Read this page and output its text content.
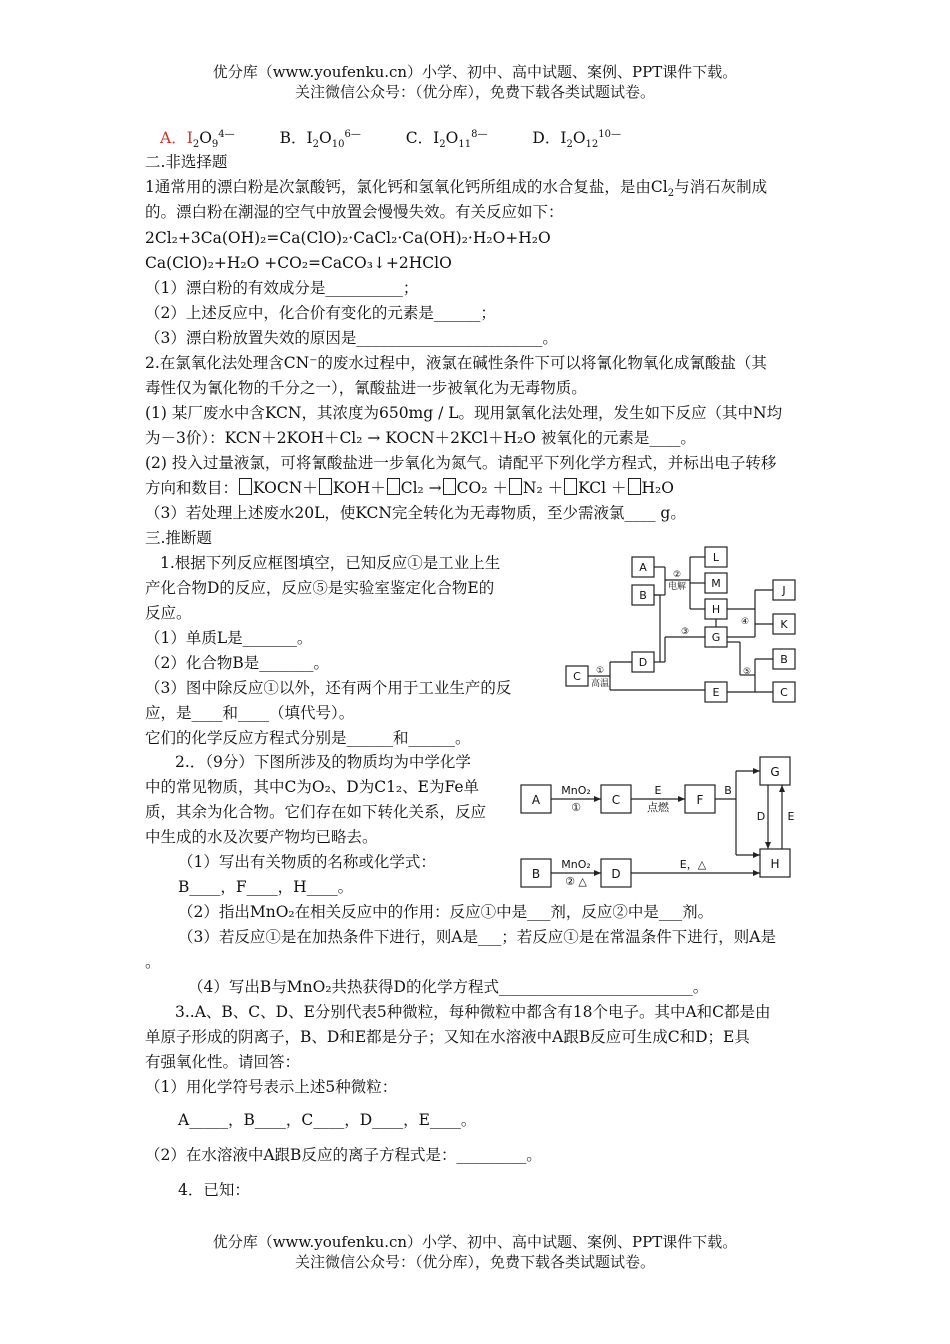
优分库（www.youfenku.cn）小学、初中、高中试题、案例、PPT课件下载。
关注微信公众号：（优分库），免费下载各类试题试卷。
A．$I_2O_9^{4—}$	B．$I_2O_{10}^{6—}$	C．$I_2O_{11}^{8—}$	D．$I_2O_{12}^{10—}$
二.非选择题
1通常用的漂白粉是次氯酸钙，氯化钙和氢氧化钙所组成的水合复盐，是由$Cl_2$与消石灰制成
的。漂白粉在潮湿的空气中放置会慢慢失效。有关反应如下：
2Cl₂+3Ca(OH)₂=Ca(ClO)₂·CaCl₂·Ca(OH)₂·H₂O+H₂O
Ca(ClO)₂+H₂O +CO₂=CaCO₃↓+2HClO
（1）漂白粉的有效成分是__________；
（2）上述反应中，化合价有变化的元素是______；
（3）漂白粉放置失效的原因是________________________。
2.在氯氧化法处理含CN⁻的废水过程中，液氯在碱性条件下可以将氰化物氧化成氰酸盐（其
毒性仅为氰化物的千分之一），氰酸盐进一步被氧化为无毒物质。
(1) 某厂废水中含KCN，其浓度为650mg / L。现用氯氧化法处理，发生如下反应（其中N均
为－3价）：KCN＋2KOH＋Cl₂ → KOCN＋2KCl＋H₂O 被氧化的元素是____。
(2) 投入过量液氯，可将氰酸盐进一步氧化为氮气。请配平下列化学方程式，并标出电子转移
方向和数目： KOCN＋ KOH＋ Cl₂ → CO₂ ＋ N₂ ＋ KCl ＋ H₂O
（3）若处理上述废水20L，使KCN完全转化为无毒物质，至少需液氯____ g。
三.推断题
1.根据下列反应框图填空，已知反应①是工业上生
产化合物D的反应，反应⑤是实验室鉴定化合物E的
反应。
（1）单质L是_______。
（2）化合物B是_______。
（3）图中除反应①以外，还有两个用于工业生产的反
应，是____和____（填代号）。
它们的化学反应方程式分别是______和______。
A
B
L
M
H
G
J
K
B
C
C
D
E
②
电解
③
④
⑤
①
高温
2.．（9分）下图所涉及的物质均为中学化学
中的常见物质，其中C为O₂、D为C1₂、E为Fe单
质，其余为化合物。它们存在如下转化关系，反应
中生成的水及次要产物均已略去。
（1）写出有关物质的名称或化学式：
B____，F____，H____。
A	C	F
G
B	D
H
MnO₂
①
E
点燃
B
D E
MnO₂
② △
E，△
（2）指出MnO₂在相关反应中的作用：反应①中是___剂，反应②中是___剂。
（3）若反应①是在加热条件下进行，则A是___；若反应①是在常温条件下进行，则A是
。
（4）写出B与MnO₂共热获得D的化学方程式_________________________。
3..A、B、C、D、E分别代表5种微粒，每种微粒中都含有18个电子。其中A和C都是由
单原子形成的阴离子，B、D和E都是分子；又知在水溶液中A跟B反应可生成C和D；E具
有强氧化性。请回答：
（1）用化学符号表示上述5种微粒：
A_____，B____，C____，D____，E____。
（2）在水溶液中A跟B反应的离子方程式是：_________。
4．已知：
优分库（www.youfenku.cn）小学、初中、高中试题、案例、PPT课件下载。
关注微信公众号：（优分库），免费下载各类试题试卷。
